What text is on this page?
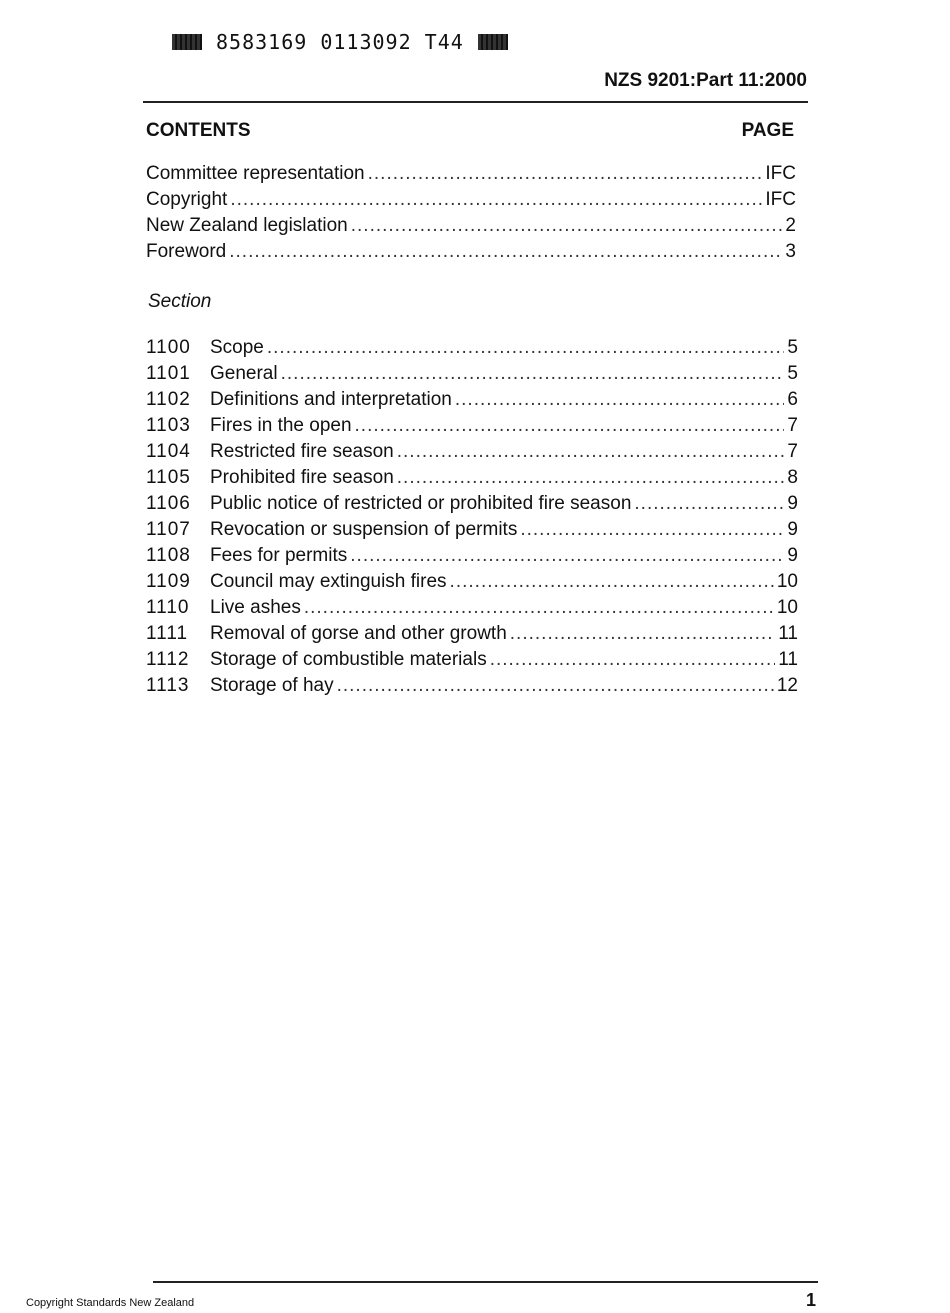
8583169 0113092 T44
NZS 9201:Part 11:2000
CONTENTS	PAGE
Committee representation .....	IFC
Copyright .....	IFC
New Zealand legislation .....	2
Foreword .....	3
Section
1100	Scope .....	5
1101	General .....	5
1102	Definitions and interpretation .....	6
1103	Fires in the open .....	7
1104	Restricted fire season .....	7
1105	Prohibited fire season .....	8
1106	Public notice of restricted or prohibited fire season .....	9
1107	Revocation or suspension of permits .....	9
1108	Fees for permits .....	9
1109	Council may extinguish fires .....	10
1110	Live ashes .....	10
1111	Removal of gorse and other growth .....	11
1112	Storage of combustible materials .....	11
1113	Storage of hay .....	12
Copyright Standards New Zealand	1
